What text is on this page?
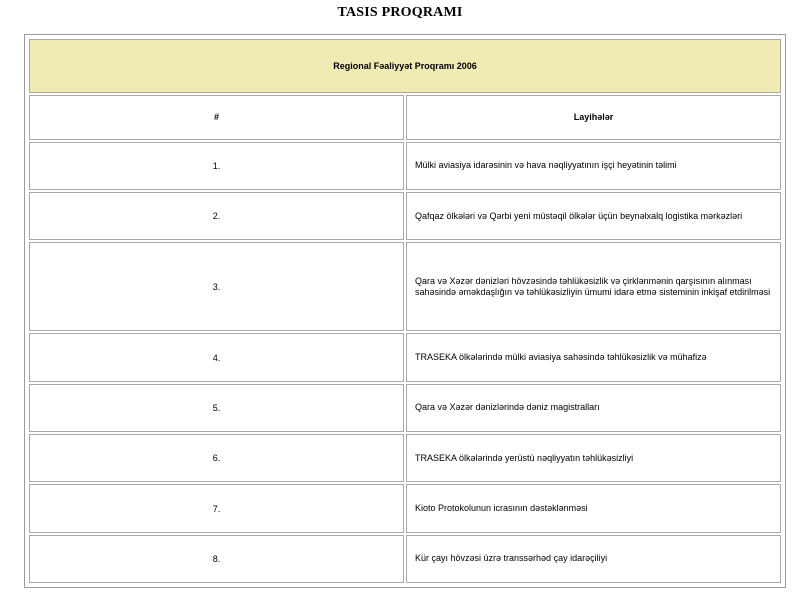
TASIS PROQRAMI
Regional Fəaliyyət Proqramı 2006	
#	Layihələr
1.	Mülki aviasiya idarəsinin və hava nəqliyyatının işçi heyətinin təlimi
2.	Qafqaz ölkələri və Qərbi yeni müstəqil ölkələr üçün beynəlxalq logistika mərkəzləri
3.	Qara və Xəzər dənizləri hövzəsində təhlükəsizlik və çirklənmənin qarşısının alınması sahəsində əməkdaşlığın və təhlükəsizliyin ümumi idarə etmə sisteminin inkişaf etdirilməsi
4.	TRASEKA ölkələrində mülki aviasiya sahəsində təhlükəsizlik və mühafizə
5.	Qara və Xəzər dənizlərində dəniz magistralları
6.	TRASEKA ölkələrində yerüstü nəqliyyatın təhlükəsizliyi
7.	Kioto Protokolunun icrasının dəstəklənməsi
8.	Kür çayı hövzəsi üzrə transsərhəd çay idarəçiliyi
